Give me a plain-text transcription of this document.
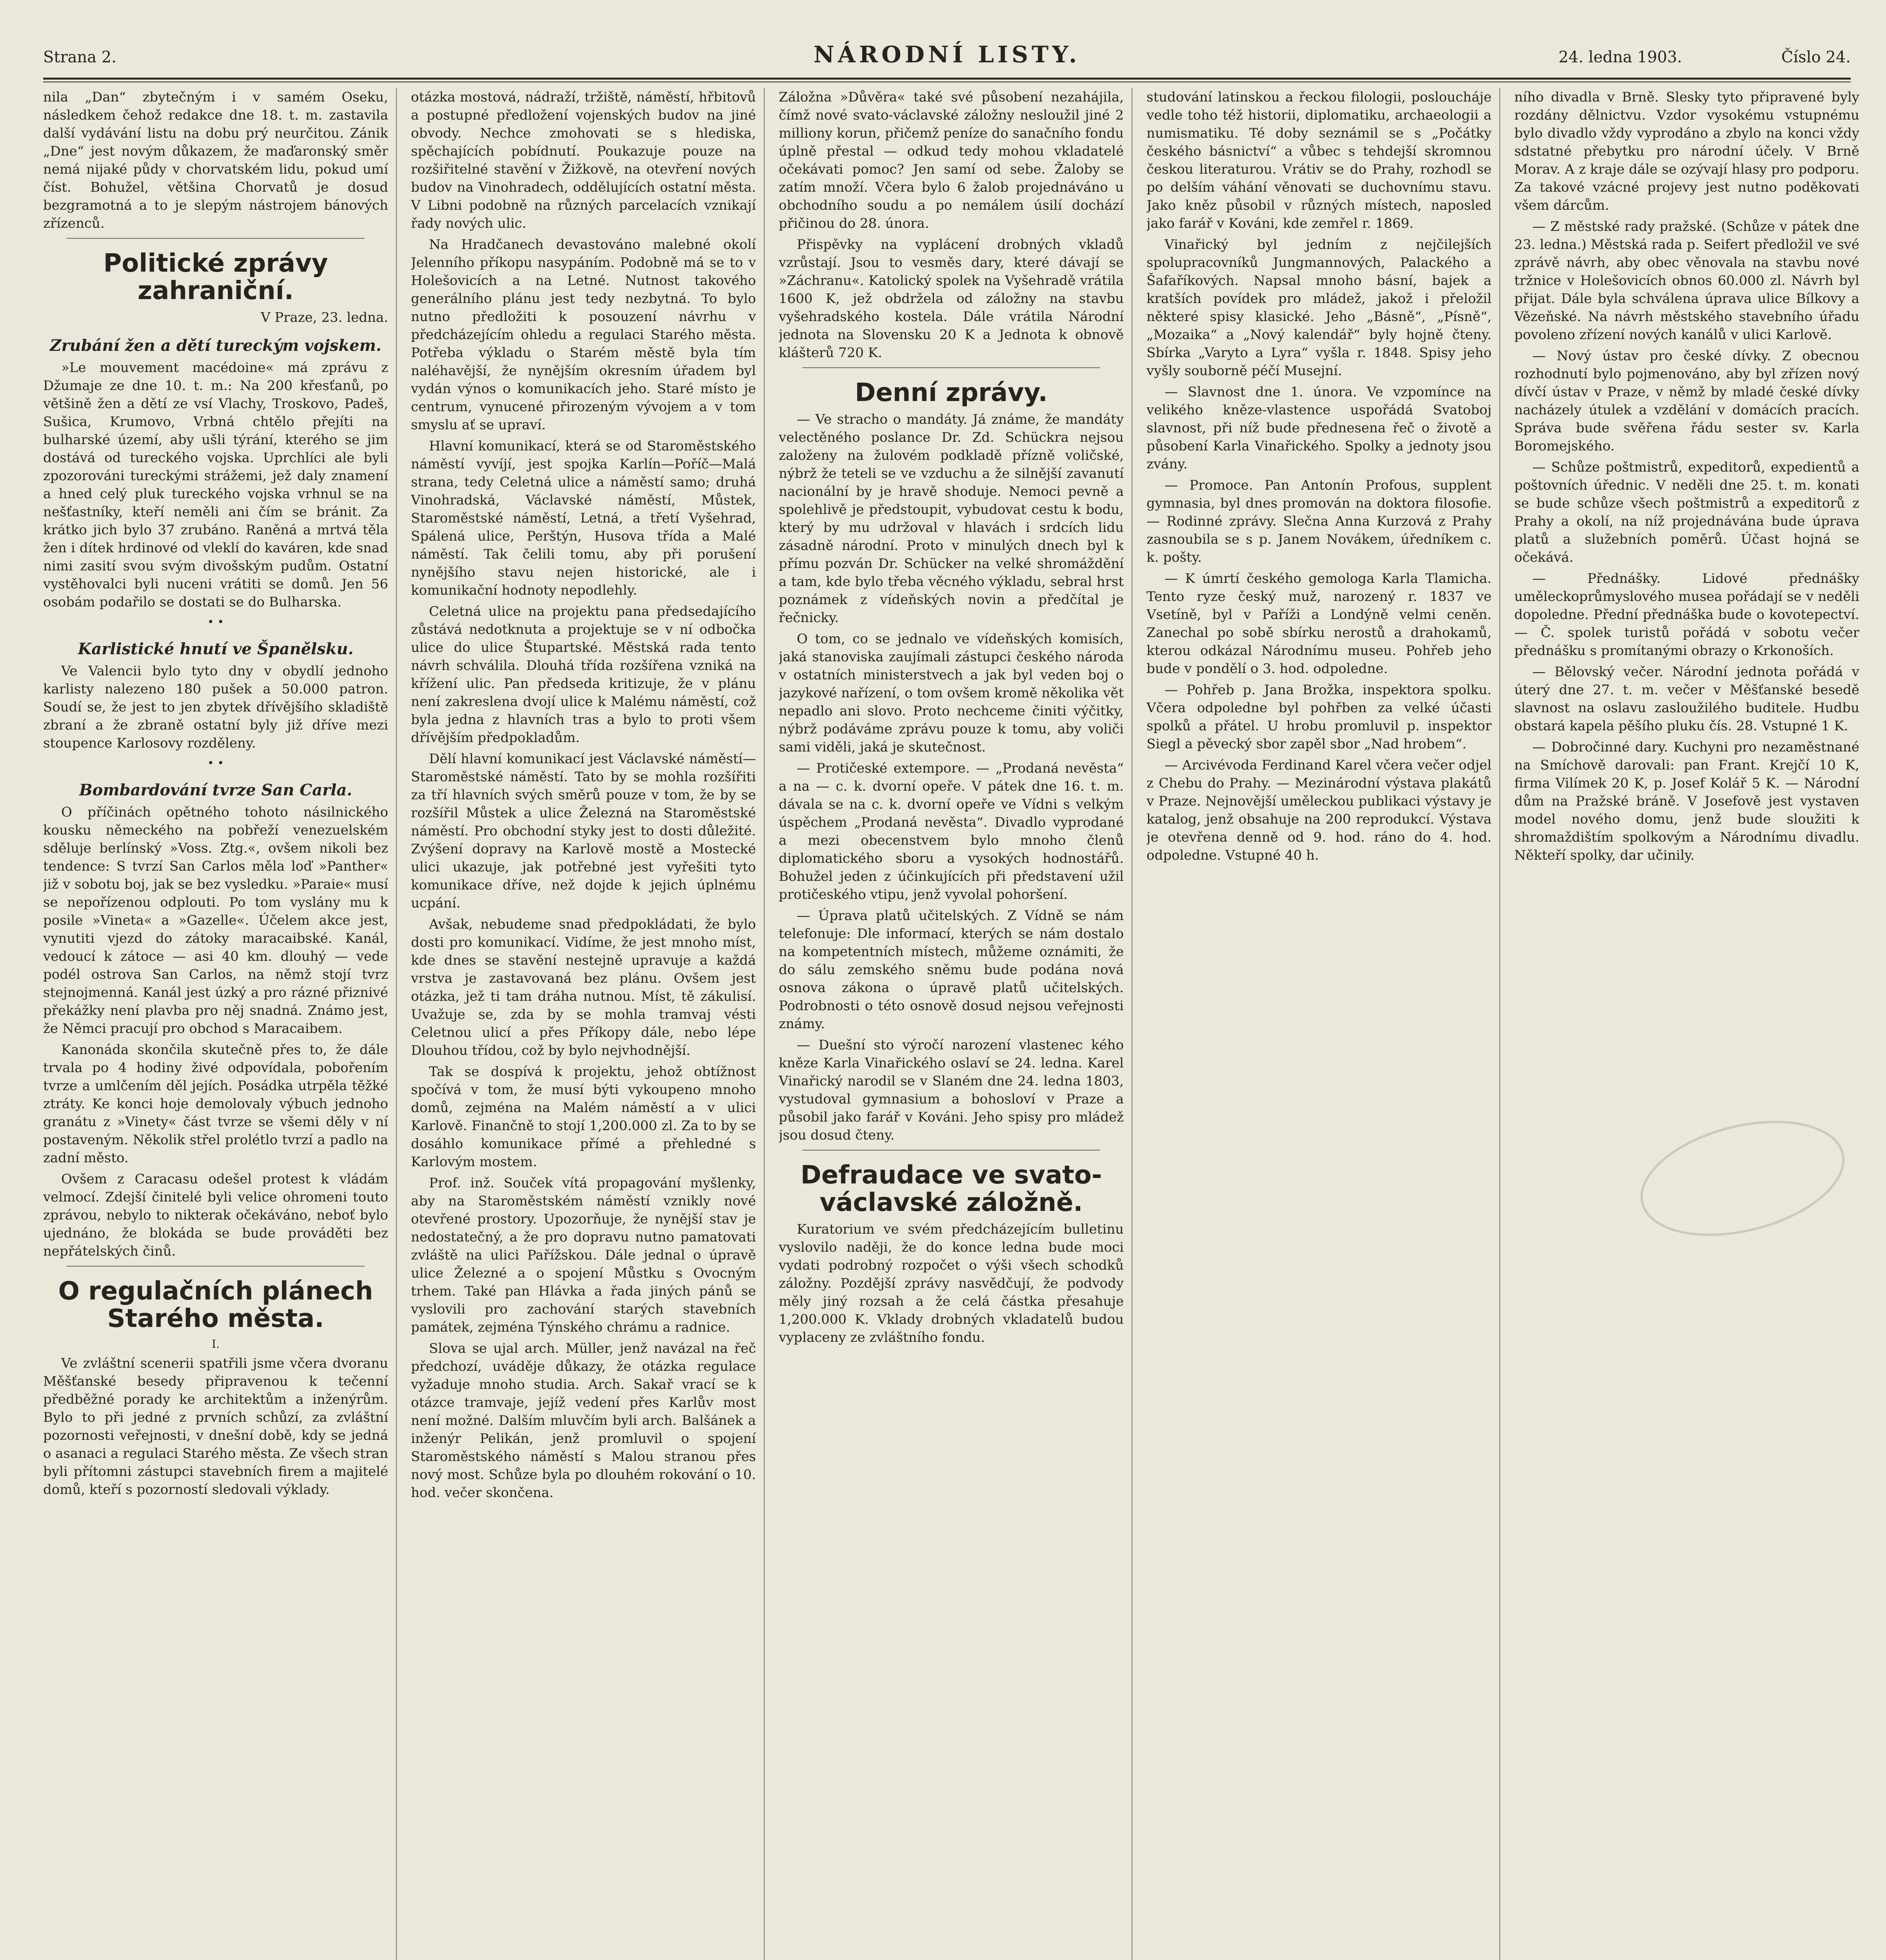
Strana 2.	NÁRODNÍ LISTY.	24. ledna 1903.	Číslo 24.

nila „Dan“ zbytečným i v samém Oseku, následkem čehož redakce dne 18. t. m. zastavila další vydávání listu na dobu prý neurčitou. Zánik „Dne“ jest novým důkazem, že maďaronský směr nemá nijaké půdy v chorvatském lidu, pokud umí číst. Bohužel, většina Chorvatů je dosud bezgramotná a to je slepým nástrojem bánových zřízenců.

Politické zprávy zahraniční.
V Praze, 23. ledna.
Zrubání žen a dětí tureckým vojskem.

»Le mouvement macédoine« má zprávu z Džumaje ze dne 10. t. m.: Na 200 křesťanů, po většině žen a dětí ze vsí Vlachy, Troskovo, Padeš, Sušica, Krumovo, Vrbná chtělo přejíti na bulharské území, aby ušli týrání, kterého se jim dostává od tureckého vojska. Uprchlíci ale byli zpozorováni tureckými strážemi, jež daly znamení a hned celý pluk tureckého vojska vrhnul se na nešťastníky, kteří neměli ani čím se bránit. Za krátko jich bylo 37 zrubáno. Raněná a mrtvá těla žen i dítek hrdinové od vleklí do kaváren, kde snad nimi zasití svou svým divošským pudům. Ostatní vystěhovalci byli nuceni vrátiti se domů. Jen 56 osobám podařilo se dostati se do Bulharska.

• •
Karlistické hnutí ve Španělsku.

Ve Valencii bylo tyto dny v obydlí jednoho karlisty nalezeno 180 pušek a 50.000 patron. Soudí se, že jest to jen zbytek dřívějšího skladiště zbraní a že zbraně ostatní byly již dříve mezi stoupence Karlosovy rozděleny.

• •
Bombardování tvrze San Carla.

O příčinách opětného tohoto násilnického kousku německého na pobřeží venezuelském sděluje berlínský »Voss. Ztg.«, ovšem nikoli bez tendence: S tvrzí San Carlos měla loď »Panther« již v sobotu boj, jak se bez vysledku. »Paraie« musí se nepořízenou odplouti. Po tom vyslány mu k posile »Vineta« a »Gazelle«. Účelem akce jest, vynutiti vjezd do zátoky maracaibské. Kanál, vedoucí k zátoce — asi 40 km. dlouhý — vede podél ostrova San Carlos, na němž stojí tvrz stejnojmenná. Kanál jest úzký a pro rázné přiznivé překážky není plavba pro něj snadná. Známo jest, že Němci pracují pro obchod s Maracaibem.

Kanonáda skončila skutečně přes to, že dále trvala po 4 hodiny živé odpovídala, pobořením tvrze a umlčením děl jejích. Posádka utrpěla těžké ztráty. Ke konci hoje demolovaly výbuch jednoho granátu z »Vinety« část tvrze se všemi děly v ní postaveným. Několik střel prolétlo tvrzí a padlo na zadní město.

Ovšem z Caracasu odešel protest k vládám velmocí. Zdejší činitelé byli velice ohromeni touto zprávou, nebylo to nikterak očekáváno, neboť bylo ujednáno, že blokáda se bude prováděti bez nepřátelských činů.

O regulačních plánech Starého města.
I.

Ve zvláštní scenerii spatřili jsme včera dvoranu Měšťanské besedy připravenou k tečenní předběžné porady ke architektům a inženýrům. Bylo to při jedné z prvních schůzí, za zvláštní pozornosti veřejnosti, v dnešní době, kdy se jedná o asanaci a regulaci Starého města. Ze všech stran byli přítomni zástupci stavebních firem a majitelé domů, kteří s pozorností sledovali výklady.

otázka mostová, nádraží, tržiště, náměstí, hřbitovů a postupné předložení vojenských budov na jiné obvody. Nechce zmohovati se s hlediska, spěchajících pobídnutí. Poukazuje pouze na rozšiřitelné stavění v Žižkově, na otevření nových budov na Vinohradech, oddělujících ostatní města. V Libni podobně na různých parcelacích vznikají řady nových ulic.

Na Hradčanech devastováno malebné okolí Jelenního příkopu nasypáním. Podobně má se to v Holešovicích a na Letné. Nutnost takového generálního plánu jest tedy nezbytná. To bylo nutno předložiti k posouzení návrhu v předcházejícím ohledu a regulaci Starého města. Potřeba výkladu o Starém městě byla tím naléhavější, že nynějším okresním úřadem byl vydán výnos o komunikacích jeho. Staré místo je centrum, vynucené přirozeným vývojem a v tom smyslu ať se upraví.

Hlavní komunikací, která se od Staroměstského náměstí vyvíjí, jest spojka Karlín—Poříč—Malá strana, tedy Celetná ulice a náměstí samo; druhá Vinohradská, Václavské náměstí, Můstek, Staroměstské náměstí, Letná, a třetí Vyšehrad, Spálená ulice, Perštýn, Husova třída a Malé náměstí. Tak čelili tomu, aby při porušení nynějšího stavu nejen historické, ale i komunikační hodnoty nepodlehly.

Celetná ulice na projektu pana předsedajícího zůstává nedotknuta a projektuje se v ní odbočka ulice do ulice Štupartské. Městská rada tento návrh schválila. Dlouhá třída rozšířena vzniká na křížení ulic. Pan předseda kritizuje, že v plánu není zakreslena dvojí ulice k Malému náměstí, což byla jedna z hlavních tras a bylo to proti všem dřívějším předpokladům.

Dělí hlavní komunikací jest Václavské náměstí—Staroměstské náměstí. Tato by se mohla rozšířiti za tří hlavních svých směrů pouze v tom, že by se rozšířil Můstek a ulice Železná na Staroměstské náměstí. Pro obchodní styky jest to dosti důležité. Zvýšení dopravy na Karlově mostě a Mostecké ulici ukazuje, jak potřebné jest vyřešiti tyto komunikace dříve, než dojde k jejich úplnému ucpání.

Avšak, nebudeme snad předpokládati, že bylo dosti pro komunikací. Vidíme, že jest mnoho míst, kde dnes se stavění nestejně upravuje a každá vrstva je zastavovaná bez plánu. Ovšem jest otázka, jež ti tam dráha nutnou. Míst, tě zákulisí. Uvažuje se, zda by se mohla tramvaj vésti Celetnou ulicí a přes Příkopy dále, nebo lépe Dlouhou třídou, což by bylo nejvhodnější.

Tak se dospívá k projektu, jehož obtížnost spočívá v tom, že musí býti vykoupeno mnoho domů, zejména na Malém náměstí a v ulici Karlově. Finančně to stojí 1,200.000 zl. Za to by se dosáhlo komunikace přímé a přehledné s Karlovým mostem.

Prof. inž. Souček vítá propagování myšlenky, aby na Staroměstském náměstí vznikly nové otevřené prostory. Upozorňuje, že nynější stav je nedostatečný, a že pro dopravu nutno pamatovati zvláště na ulici Pařížskou. Dále jednal o úpravě ulice Železné a o spojení Můstku s Ovocným trhem. Také pan Hlávka a řada jiných pánů se vyslovili pro zachování starých stavebních památek, zejména Týnského chrámu a radnice.

Slova se ujal arch. Müller, jenž navázal na řeč předchozí, uváděje důkazy, že otázka regulace vyžaduje mnoho studia. Arch. Sakař vrací se k otázce tramvaje, jejíž vedení přes Karlův most není možné. Dalším mluvčím byli arch. Balšánek a inženýr Pelikán, jenž promluvil o spojení Staroměstského náměstí s Malou stranou přes nový most. Schůze byla po dlouhém rokování o 10. hod. večer skončena.

Záložna »Důvěra« také své působení nezahájila, čímž nové svato-václavské záložny nesloužil jiné 2 milliony korun, přičemž peníze do sanačního fondu úplně přestal — odkud tedy mohou vkladatelé očekávati pomoc? Jen samí od sebe. Žaloby se zatím množí. Včera bylo 6 žalob projednáváno u obchodního soudu a po nemálem úsilí dochází přičinou do 28. února.

Přispěvky na vyplácení drobných vkladů vzrůstají. Jsou to vesměs dary, které dávají se »Záchranu«. Katolický spolek na Vyšehradě vrátila 1600 K, jež obdržela od záložny na stavbu vyšehradského kostela. Dále vrátila Národní jednota na Slovensku 20 K a Jednota k obnově klášterů 720 K.

Denní zprávy.

— Ve stracho o mandáty. Já známe, že mandáty velectěného poslance Dr. Zd. Schückra nejsou založeny na žulovém podkladě přízně voličské, nýbrž že teteli se ve vzduchu a že silnější zavanutí nacionální by je hravě shoduje. Nemoci pevně a spolehlivě je předstoupit, vybudovat cestu k bodu, který by mu udržoval v hlavách i srdcích lidu zásadně národní. Proto v minulých dnech byl k přímu pozván Dr. Schücker na velké shromáždění a tam, kde bylo třeba věcného výkladu, sebral hrst poznámek z vídeňských novin a předčítal je řečnicky.

O tom, co se jednalo ve vídeňských komisích, jaká stanoviska zaujímali zástupci českého národa v ostatních ministerstvech a jak byl veden boj o jazykové nařízení, o tom ovšem kromě několika vět nepadlo ani slovo. Proto nechceme činiti výčitky, nýbrž podáváme zprávu pouze k tomu, aby voliči sami viděli, jaká je skutečnost.

— Protičeské extempore. — „Prodaná nevěsta“ a na — c. k. dvorní opeře. V pátek dne 16. t. m. dávala se na c. k. dvorní opeře ve Vídni s velkým úspěchem „Prodaná nevěsta“. Divadlo vyprodané a mezi obecenstvem bylo mnoho členů diplomatického sboru a vysokých hodnostářů. Bohužel jeden z účinkujících při představení užil protičeského vtipu, jenž vyvolal pohoršení.

— Úprava platů učitelských. Z Vídně se nám telefonuje: Dle informací, kterých se nám dostalo na kompetentních místech, můžeme oznámiti, že do sálu zemského sněmu bude podána nová osnova zákona o úpravě platů učitelských. Podrobnosti o této osnově dosud nejsou veřejnosti známy.

— Duešní sto výročí narození vlastenec kého kněze Karla Vinařického oslaví se 24. ledna. Karel Vinařický narodil se v Slaném dne 24. ledna 1803, vystudoval gymnasium a bohosloví v Praze a působil jako farář v Kováni. Jeho spisy pro mládež jsou dosud čteny.

Defraudace ve svato-václavské záložně.

Kuratorium ve svém předcházejícím bulletinu vyslovilo naději, že do konce ledna bude moci vydati podrobný rozpočet o výši všech schodků záložny. Pozdější zprávy nasvědčují, že podvody měly jiný rozsah a že celá částka přesahuje 1,200.000 K. Vklady drobných vkladatelů budou vyplaceny ze zvláštního fondu.

studování latinskou a řeckou filologii, posloucháje vedle toho též historii, diplomatiku, archaeologii a numismatiku. Té doby seznámil se s „Počátky českého básnictví“ a vůbec s tehdejší skromnou českou literaturou. Vrátiv se do Prahy, rozhodl se po delším váhání věnovati se duchovnímu stavu. Jako kněz působil v různých místech, naposled jako farář v Kováni, kde zemřel r. 1869.

Vinařický byl jedním z nejčilejších spolupracovníků Jungmannových, Palackého a Šafaříkových. Napsal mnoho básní, bajek a kratších povídek pro mládež, jakož i přeložil některé spisy klasické. Jeho „Básně“, „Písně“, „Mozaika“ a „Nový kalendář“ byly hojně čteny. Sbírka „Varyto a Lyra“ vyšla r. 1848. Spisy jeho vyšly souborně péčí Musejní.

— Slavnost dne 1. února. Ve vzpomínce na velikého kněze-vlastence uspořádá Svatoboj slavnost, při níž bude přednesena řeč o životě a působení Karla Vinařického. Spolky a jednoty jsou zvány.

— Promoce. Pan Antonín Profous, supplent gymnasia, byl dnes promován na doktora filosofie. — Rodinné zprávy. Slečna Anna Kurzová z Prahy zasnoubila se s p. Janem Novákem, úředníkem c. k. pošty.

— K úmrtí českého gemologa Karla Tlamicha. Tento ryze český muž, narozený r. 1837 ve Vsetíně, byl v Paříži a Londýně velmi ceněn. Zanechal po sobě sbírku nerostů a drahokamů, kterou odkázal Národnímu museu. Pohřeb jeho bude v pondělí o 3. hod. odpoledne.

— Pohřeb p. Jana Brožka, inspektora spolku. Včera odpoledne byl pohřben za velké účasti spolků a přátel. U hrobu promluvil p. inspektor Siegl a pěvecký sbor zapěl sbor „Nad hrobem“.

— Arcivévoda Ferdinand Karel včera večer odjel z Chebu do Prahy. — Mezinárodní výstava plakátů v Praze. Nejnovější uměleckou publikaci výstavy je katalog, jenž obsahuje na 200 reprodukcí. Výstava je otevřena denně od 9. hod. ráno do 4. hod. odpoledne. Vstupné 40 h.

ního divadla v Brně. Slesky tyto připravené byly rozdány dělnictvu. Vzdor vysokému vstupnému bylo divadlo vždy vyprodáno a zbylo na konci vždy sdstatné přebytku pro národní účely. V Brně Morav. A z kraje dále se ozývají hlasy pro podporu. Za takové vzácné projevy jest nutno poděkovati všem dárcům.

— Z městské rady pražské. (Schůze v pátek dne 23. ledna.) Městská rada p. Seifert předložil ve své zprávě návrh, aby obec věnovala na stavbu nové tržnice v Holešovicích obnos 60.000 zl. Návrh byl přijat. Dále byla schválena úprava ulice Bílkovy a Vězeňské. Na návrh městského stavebního úřadu povoleno zřízení nových kanálů v ulici Karlově.

— Nový ústav pro české dívky. Z obecnou rozhodnutí bylo pojmenováno, aby byl zřízen nový dívčí ústav v Praze, v němž by mladé české dívky nacházely útulek a vzdělání v domácích pracích. Správa bude svěřena řádu sester sv. Karla Boromejského.

— Schůze poštmistrů, expeditorů, expedientů a poštovních úřednic. V neděli dne 25. t. m. konati se bude schůze všech poštmistrů a expeditorů z Prahy a okolí, na níž projednávána bude úprava platů a služebních poměrů. Účast hojná se očekává.

— Přednášky. Lidové přednášky uměleckoprůmyslového musea pořádají se v neděli dopoledne. Přední přednáška bude o kovotepectví. — Č. spolek turistů pořádá v sobotu večer přednášku s promítanými obrazy o Krkonoších.

— Bělovský večer. Národní jednota pořádá v úterý dne 27. t. m. večer v Měšťanské besedě slavnost na oslavu zasloužilého buditele. Hudbu obstará kapela pěšího pluku čís. 28. Vstupné 1 K.

— Dobročinné dary. Kuchyni pro nezaměstnané na Smíchově darovali: pan Frant. Krejčí 10 K, firma Vilímek 20 K, p. Josef Kolář 5 K. — Národní dům na Pražské bráně. V Josefově jest vystaven model nového domu, jenž bude sloužiti k shromaždištím spolkovým a Národnímu divadlu. Někteří spolky, dar učinily.
